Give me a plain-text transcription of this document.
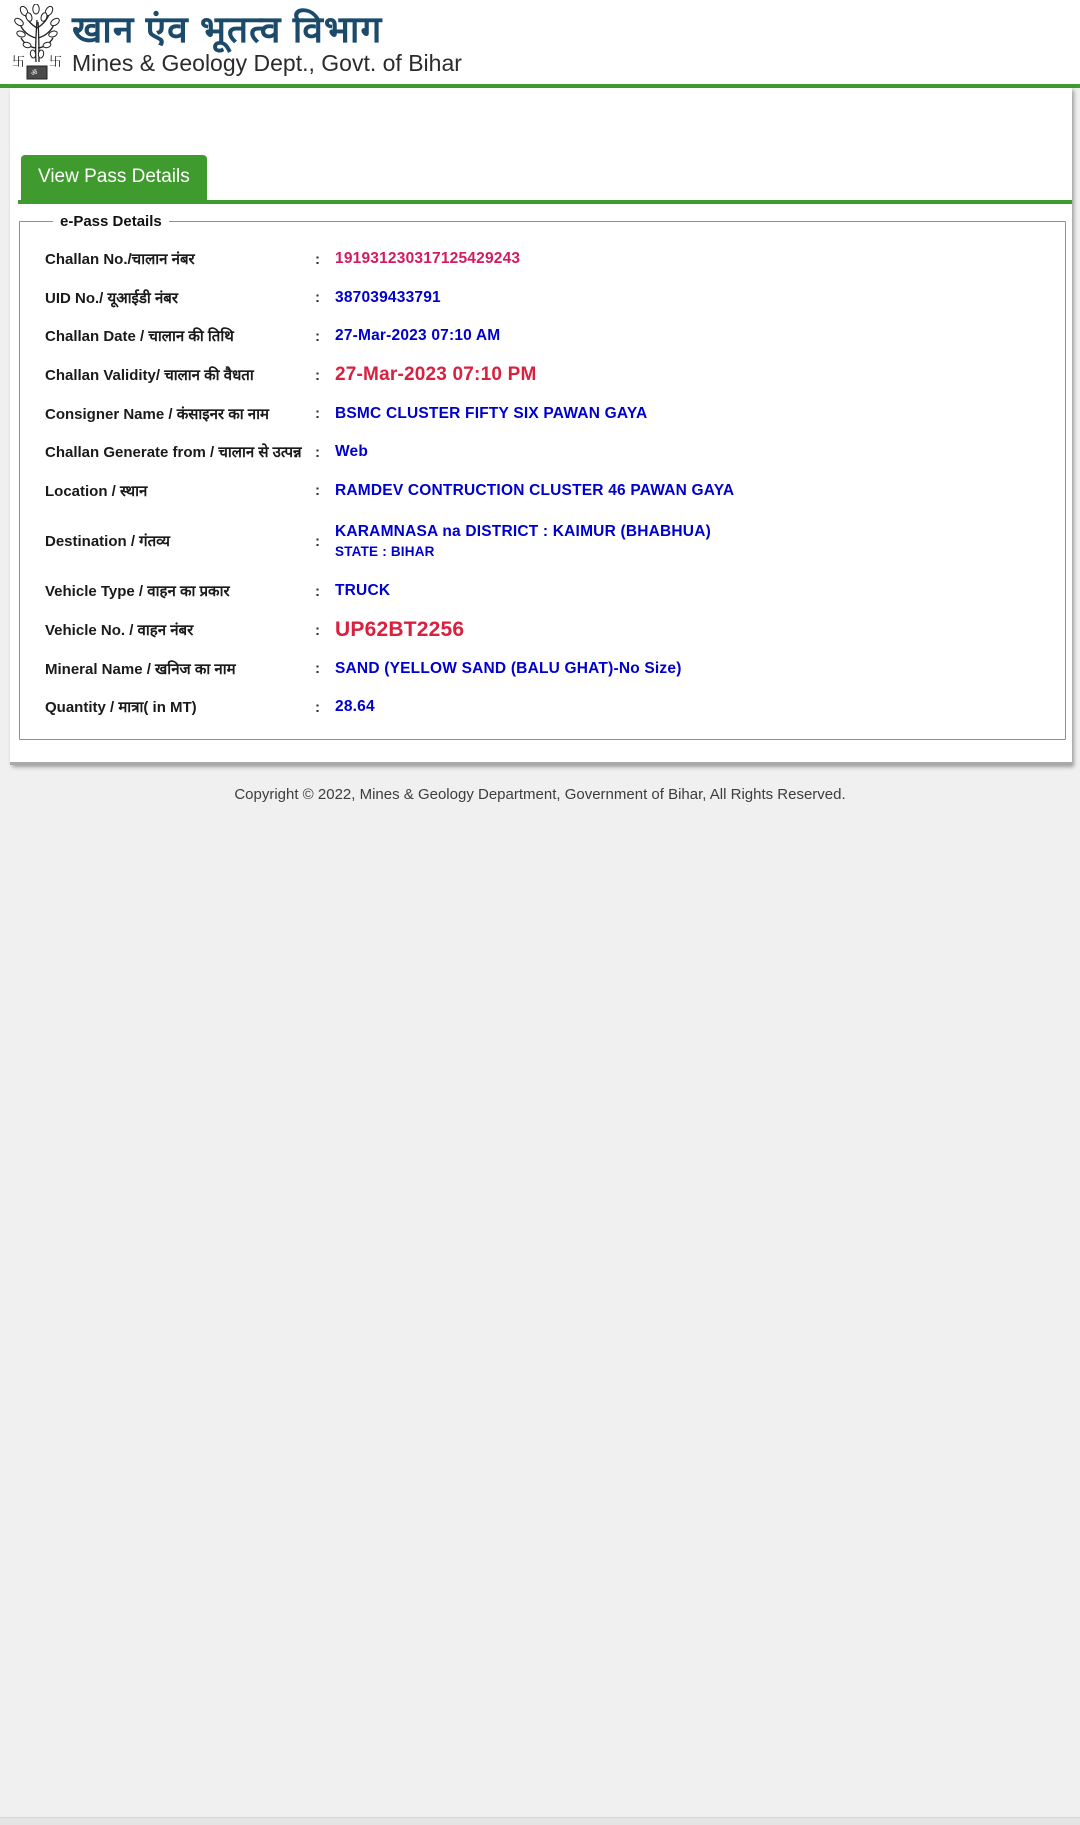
卐 卐
ॐ
खान एंव भूतत्व विभाग
Mines & Geology Dept., Govt. of Bihar
View Pass Details
e-Pass Details
Challan No./चालान नंबर	: 191931230317125429243
UID No./ यूआईडी नंबर	: 387039433791
Challan Date / चालान की तिथि	: 27-Mar-2023 07:10 AM
Challan Validity/ चालान की वैधता	: 27-Mar-2023 07:10 PM
Consigner Name / कंसाइनर का नाम	: BSMC CLUSTER FIFTY SIX PAWAN GAYA
Challan Generate from / चालान से उत्पन्न : Web
Location / स्थान	: RAMDEV CONTRUCTION CLUSTER 46 PAWAN GAYA
Destination / गंतव्य	:
KARAMNASA na DISTRICT : KAIMUR (BHABHUA)
STATE : BIHAR
Vehicle Type / वाहन का प्रकार	: TRUCK
Vehicle No. / वाहन नंबर	: UP62BT2256
Mineral Name / खनिज का नाम	: SAND (YELLOW SAND (BALU GHAT)-No Size)
Quantity / मात्रा( in MT)	: 28.64
Copyright © 2022, Mines & Geology Department, Government of Bihar, All Rights Reserved.
